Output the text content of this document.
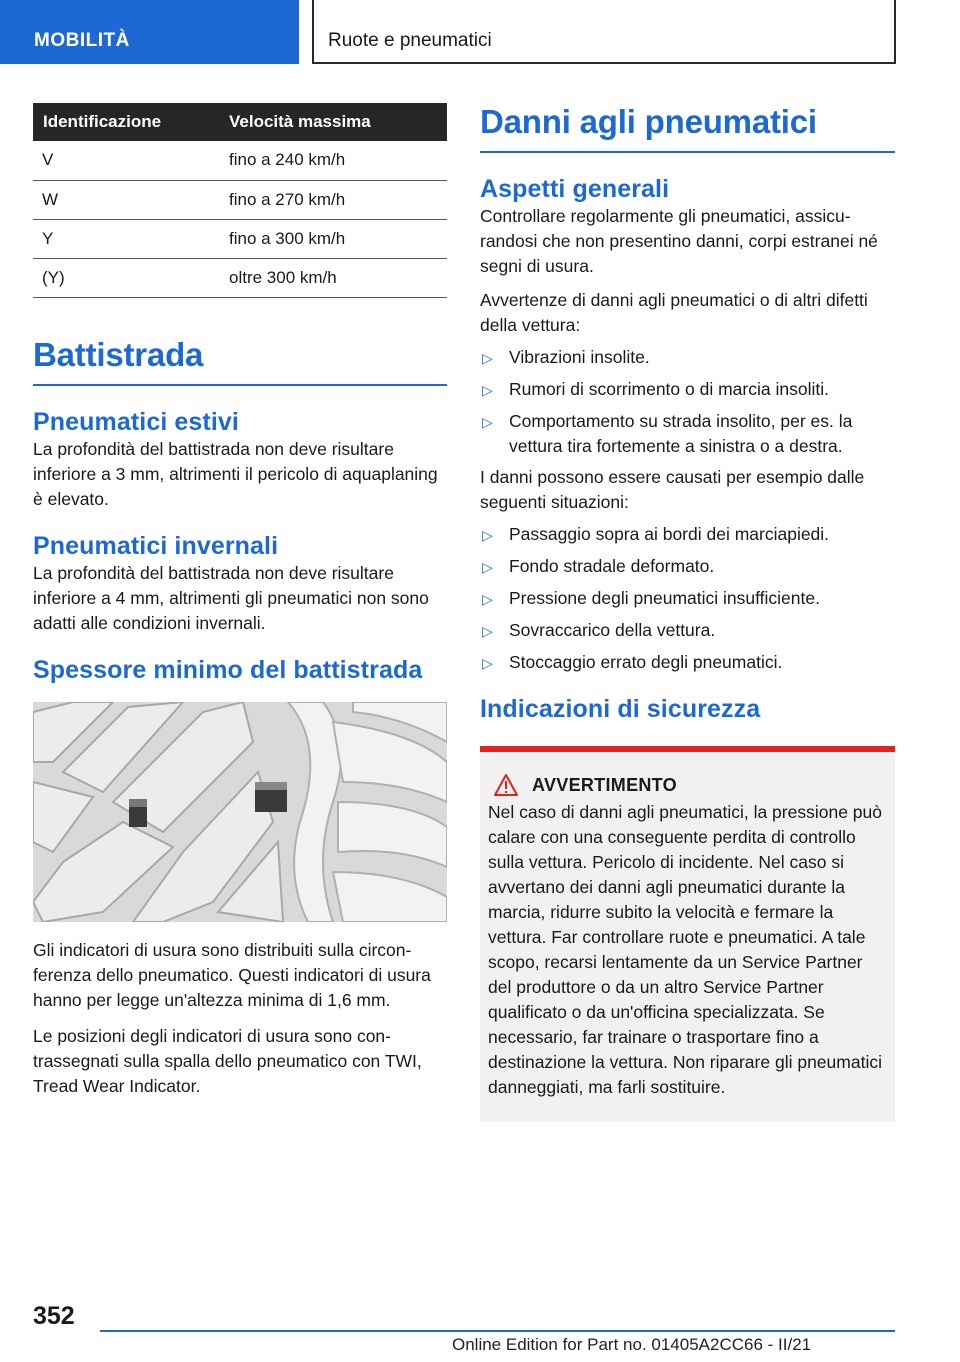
MOBILITÀ	Ruote e pneumatici
Identificazione	Velocità massima
V	fino a 240 km/h
W	fino a 270 km/h
Y	fino a 300 km/h
(Y)	oltre 300 km/h
Battistrada
Pneumatici estivi

La profondità del battistrada non deve risultare inferiore a 3 mm, altrimenti il pericolo di aquaplaning è elevato.

Pneumatici invernali

La profondità del battistrada non deve risultare inferiore a 4 mm, altrimenti gli pneumatici non sono adatti alle condizioni invernali.

Spessore minimo del battistrada

Gli indicatori di usura sono distribuiti sulla circonferenza dello pneumatico. Questi indicatori di usura hanno per legge un'altezza minima di 1,6 mm.

Le posizioni degli indicatori di usura sono contrassegnati sulla spalla dello pneumatico con TWI, Tread Wear Indicator.

Danni agli pneumatici
Aspetti generali

Controllare regolarmente gli pneumatici, assicurandosi che non presentino danni, corpi estranei né segni di usura.

Avvertenze di danni agli pneumatici o di altri difetti della vettura:

▷ Vibrazioni insolite.
▷ Rumori di scorrimento o di marcia insoliti.
▷ Comportamento su strada insolito, per es. la vettura tira fortemente a sinistra o a destra.

I danni possono essere causati per esempio dalle seguenti situazioni:

▷ Passaggio sopra ai bordi dei marciapiedi.
▷ Fondo stradale deformato.
▷ Pressione degli pneumatici insufficiente.
▷ Sovraccarico della vettura.
▷ Stoccaggio errato degli pneumatici.
Indicazioni di sicurezza
AVVERTIMENTO

Nel caso di danni agli pneumatici, la pressione può calare con una conseguente perdita di controllo sulla vettura. Pericolo di incidente. Nel caso si avvertano dei danni agli pneumatici durante la marcia, ridurre subito la velocità e fermare la vettura. Far controllare ruote e pneumatici. A tale scopo, recarsi lentamente da un Service Partner del produttore o da un altro Service Partner qualificato o da un'officina specializzata. Se necessario, far trainare o trasportare fino a destinazione la vettura. Non riparare gli pneumatici danneggiati, ma farli sostituire.

352
Online Edition for Part no. 01405A2CC66 - II/21
